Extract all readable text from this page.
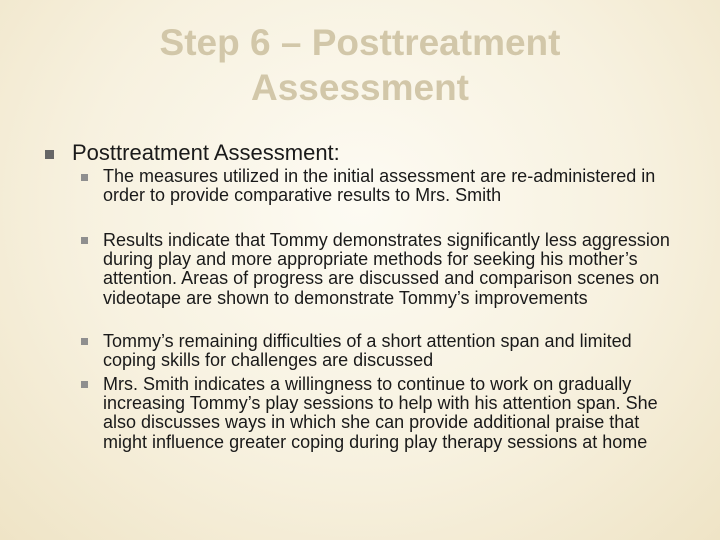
Step 6 – Posttreatment
Assessment

Posttreatment Assessment:

The measures utilized in the initial assessment are re-administered in order to provide comparative results to Mrs. Smith

Results indicate that Tommy demonstrates significantly less aggression during play and more appropriate methods for seeking his mother’s attention. Areas of progress are discussed and comparison scenes on videotape are shown to demonstrate Tommy’s improvements

Tommy’s remaining difficulties of a short attention span and limited coping skills for challenges are discussed

Mrs. Smith indicates a willingness to continue to work on gradually increasing Tommy’s play sessions to help with his attention span. She also discusses ways in which she can provide additional praise that might influence greater coping during play therapy sessions at home
